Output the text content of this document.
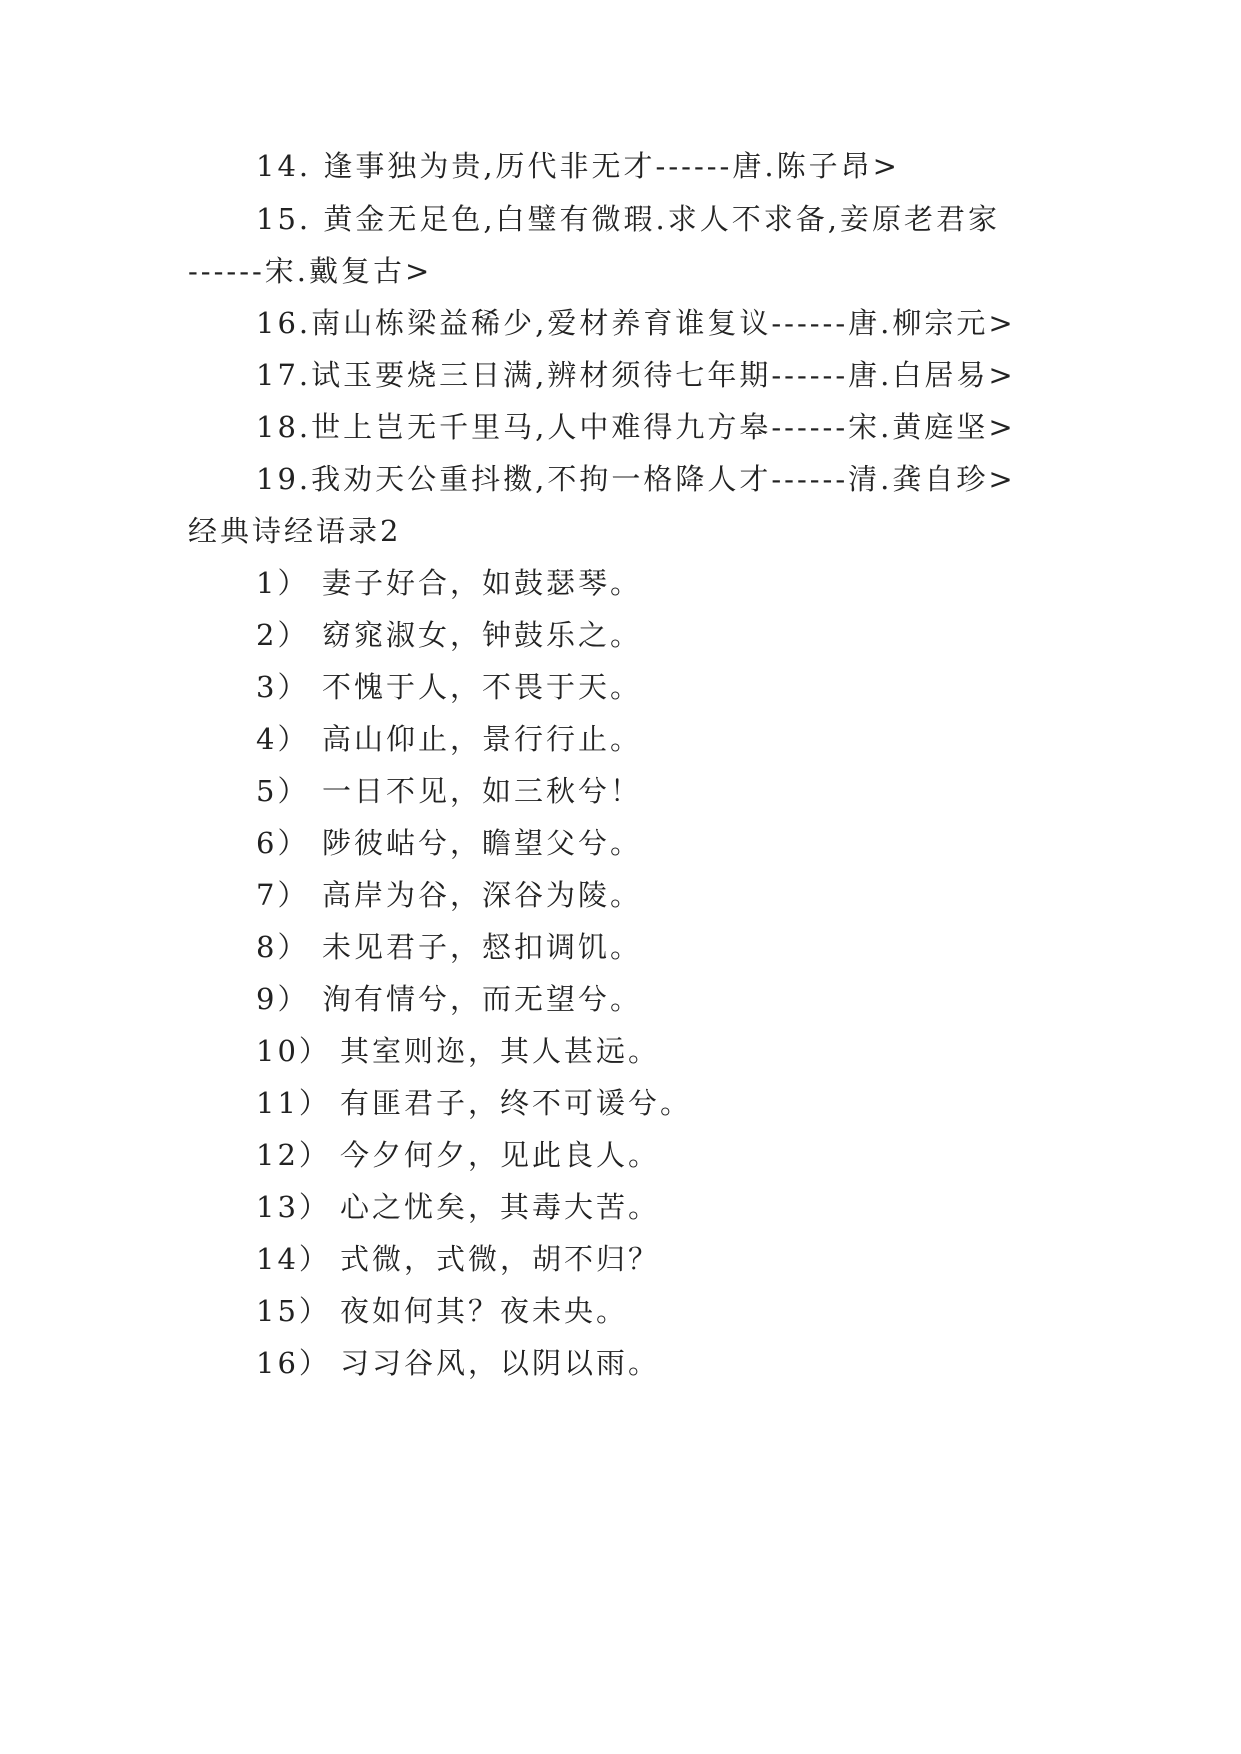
14. 逢事独为贵,历代非无才------唐.陈子昂>
15. 黄金无足色,白璧有微瑕.求人不求备,妾原老君家
------宋.戴复古>
16.南山栋梁益稀少,爱材养育谁复议------唐.柳宗元>
17.试玉要烧三日满,辨材须待七年期------唐.白居易>
18.世上岂无千里马,人中难得九方皋------宋.黄庭坚>
19.我劝天公重抖擞,不拘一格降人才------清.龚自珍>
经典诗经语录2
1） 妻子好合，如鼓瑟琴。
2） 窈窕淑女，钟鼓乐之。
3） 不愧于人，不畏于天。
4） 高山仰止，景行行止。
5） 一日不见，如三秋兮！
6） 陟彼岵兮，瞻望父兮。
7） 高岸为谷，深谷为陵。
8） 未见君子，惄扣调饥。
9） 洵有情兮，而无望兮。
10） 其室则迩，其人甚远。
11） 有匪君子，终不可谖兮。
12） 今夕何夕，见此良人。
13） 心之忧矣，其毒大苦。
14） 式微，式微，胡不归？
15） 夜如何其？夜未央。
16） 习习谷风，以阴以雨。
